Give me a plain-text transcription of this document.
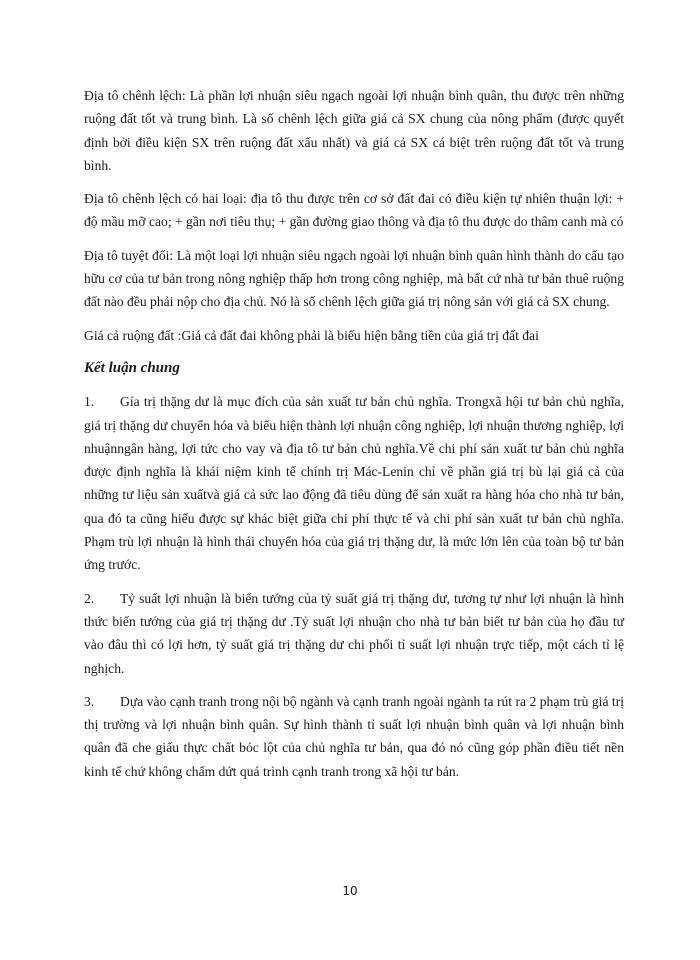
Địa tô chênh lệch: Là phần lợi nhuận siêu ngạch ngoài lợi nhuận bình quân, thu được trên những ruộng đất tốt và trung bình. Là số chênh lệch giữa giá cả SX chung của nông phẩm (được quyết định bởi điều kiện SX trên ruộng đất xấu nhất) và giá cả SX cá biệt trên ruộng đất tốt và trung bình.

Địa tô chênh lệch có hai loại: địa tô thu được trên cơ sở đất đai có điều kiện tự nhiên thuận lợi: + độ mầu mỡ cao; + gần nơi tiêu thụ; + gần đường giao thông và địa tô thu được do thâm canh mà có

Địa tô tuyệt đối: Là một loại lợi nhuận siêu ngạch ngoài lợi nhuận bình quân hình thành do cấu tạo hữu cơ của tư bản trong nông nghiệp thấp hơn trong công nghiệp, mà bất cứ nhà tư bản thuê ruộng đất nào đều phải nộp cho địa chủ. Nó là số chênh lệch giữa giá trị nông sản với giá cả SX chung.

Giá cả ruộng đất :Giá cả đất đai không phải là biểu hiện bằng tiền của giá trị đất đai

Kết luận chung

1. Gía trị thặng dư là mục đích của sản xuất tư bản chủ nghĩa. Trongxã hội tư bản chủ nghĩa, giá trị thặng dư chuyển hóa và biểu hiện thành lợi nhuận công nghiệp, lợi nhuận thương nghiệp, lợi nhuậnngân hàng, lợi tức cho vay và địa tô tư bản chủ nghĩa.Về chi phí sản xuất tư bản chủ nghĩa được định nghĩa là khái niệm kinh tế chính trị Mác-Lenin chỉ về phần giá trị bù lại giá cả của những tư liệu sản xuấtvà giá cả sức lao động đã tiêu dùng để sản xuất ra hàng hóa cho nhà tư bản, qua đó ta cũng hiểu được sự khác biệt giữa chi phí thực tế và chi phí sản xuất tư bản chủ nghĩa. Phạm trù lợi nhuận là hình thái chuyển hóa của giá trị thặng dư, là mức lớn lên của toàn bộ tư bản ứng trước.

2. Tỷ suất lợi nhuận là biến tướng của tỷ suất giá trị thặng dư, tương tự như lợi nhuận là hình thức biến tướng của giá trị thặng dư .Tỷ suất lợi nhuận cho nhà tư bản biết tư bản của họ đầu tư vào đâu thì có lợi hơn, tỷ suất giá trị thặng dư chi phối tỉ suất lợi nhuận trực tiếp, một cách tỉ lệ nghịch.

3. Dựa vào cạnh tranh trong nội bộ ngành và cạnh tranh ngoài ngành ta rút ra 2 phạm trù giá trị thị trường và lợi nhuận bình quân. Sự hình thành tỉ suất lợi nhuận bình quân và lợi nhuận bình quân đã che giấu thực chất bóc lột của chủ nghĩa tư bản, qua đó nó cũng góp phần điều tiết nền kinh tế chứ không chấm dứt quá trình cạnh tranh trong xã hội tư bản.

10
